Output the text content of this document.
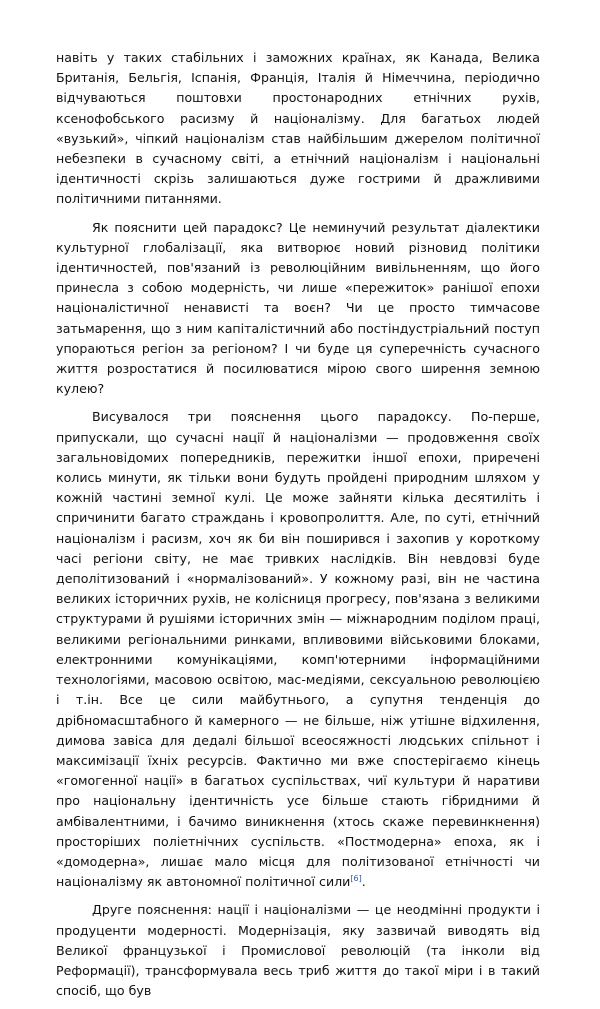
навіть у таких стабільних і заможних країнах, як Канада, Велика Британія, Бельгія, Іспанія, Франція, Італія й Німеччина, періодично відчуваються поштовхи простонародних етнічних рухів, ксенофобського расизму й націоналізму. Для багатьох людей «вузький», чіпкий націоналізм став найбільшим джерелом політичної небезпеки в сучасному світі, а етнічний націоналізм і національні ідентичності скрізь залишаються дуже гострими й дражливими політичними питаннями.

Як пояснити цей парадокс? Це неминучий результат діалектики культурної глобалізації, яка витворює новий різновид політики ідентичностей, пов'язаний із революційним вивільненням, що його принесла з собою модерність, чи лише «пережиток» ранішої епохи націоналістичної ненависті та воєн? Чи це просто тимчасове затьмарення, що з ним капіталістичний або постіндустріальний поступ упораються регіон за регіоном? І чи буде ця суперечність сучасного життя розростатися й посилюватися мірою свого ширення земною кулею?

Висувалося три пояснення цього парадоксу. По-перше, припускали, що сучасні нації й націоналізми — продовження своїх загальновідомих попередників, пережитки іншої епохи, приречені колись минути, як тільки вони будуть пройдені природним шляхом у кожній частині земної кулі. Це може зайняти кілька десятиліть і спричинити багато страждань і кровопролиття. Але, по суті, етнічний націоналізм і расизм, хоч як би він поширився і захопив у короткому часі регіони світу, не має тривких наслідків. Він невдовзі буде деполітизований і «нормалізований». У кожному разі, він не частина великих історичних рухів, не колісниця прогресу, пов'язана з великими структурами й рушіями історичних змін — міжнародним поділом праці, великими регіональними ринками, впливовими військовими блоками, електронними комунікаціями, комп'ютерними інформаційними технологіями, масовою освітою, мас-медіями, сексуальною революцією і т.ін. Все це сили майбутнього, а супутня тенденція до дрібномасштабного й камерного — не більше, ніж утішне відхилення, димова завіса для дедалі більшої всеосяжності людських спільнот і максимізації їхніх ресурсів. Фактично ми вже спостерігаємо кінець «гомогенної нації» в багатьох суспільствах, чиї культури й наративи про національну ідентичність усе більше стають гібридними й амбівалентними, і бачимо виникнення (хтось скаже перевинкнення) просторіших поліетнічних суспільств. «Постмодерна» епоха, як і «домодерна», лишає мало місця для політизованої етнічності чи націоналізму як автономної політичної сили[6].

Друге пояснення: нації і націоналізми — це неодмінні продукти і продуценти модерності. Модернізація, яку зазвичай виводять від Великої французької і Промислової революцій (та інколи від Реформації), трансформувала весь триб життя до такої міри і в такий спосіб, що був
